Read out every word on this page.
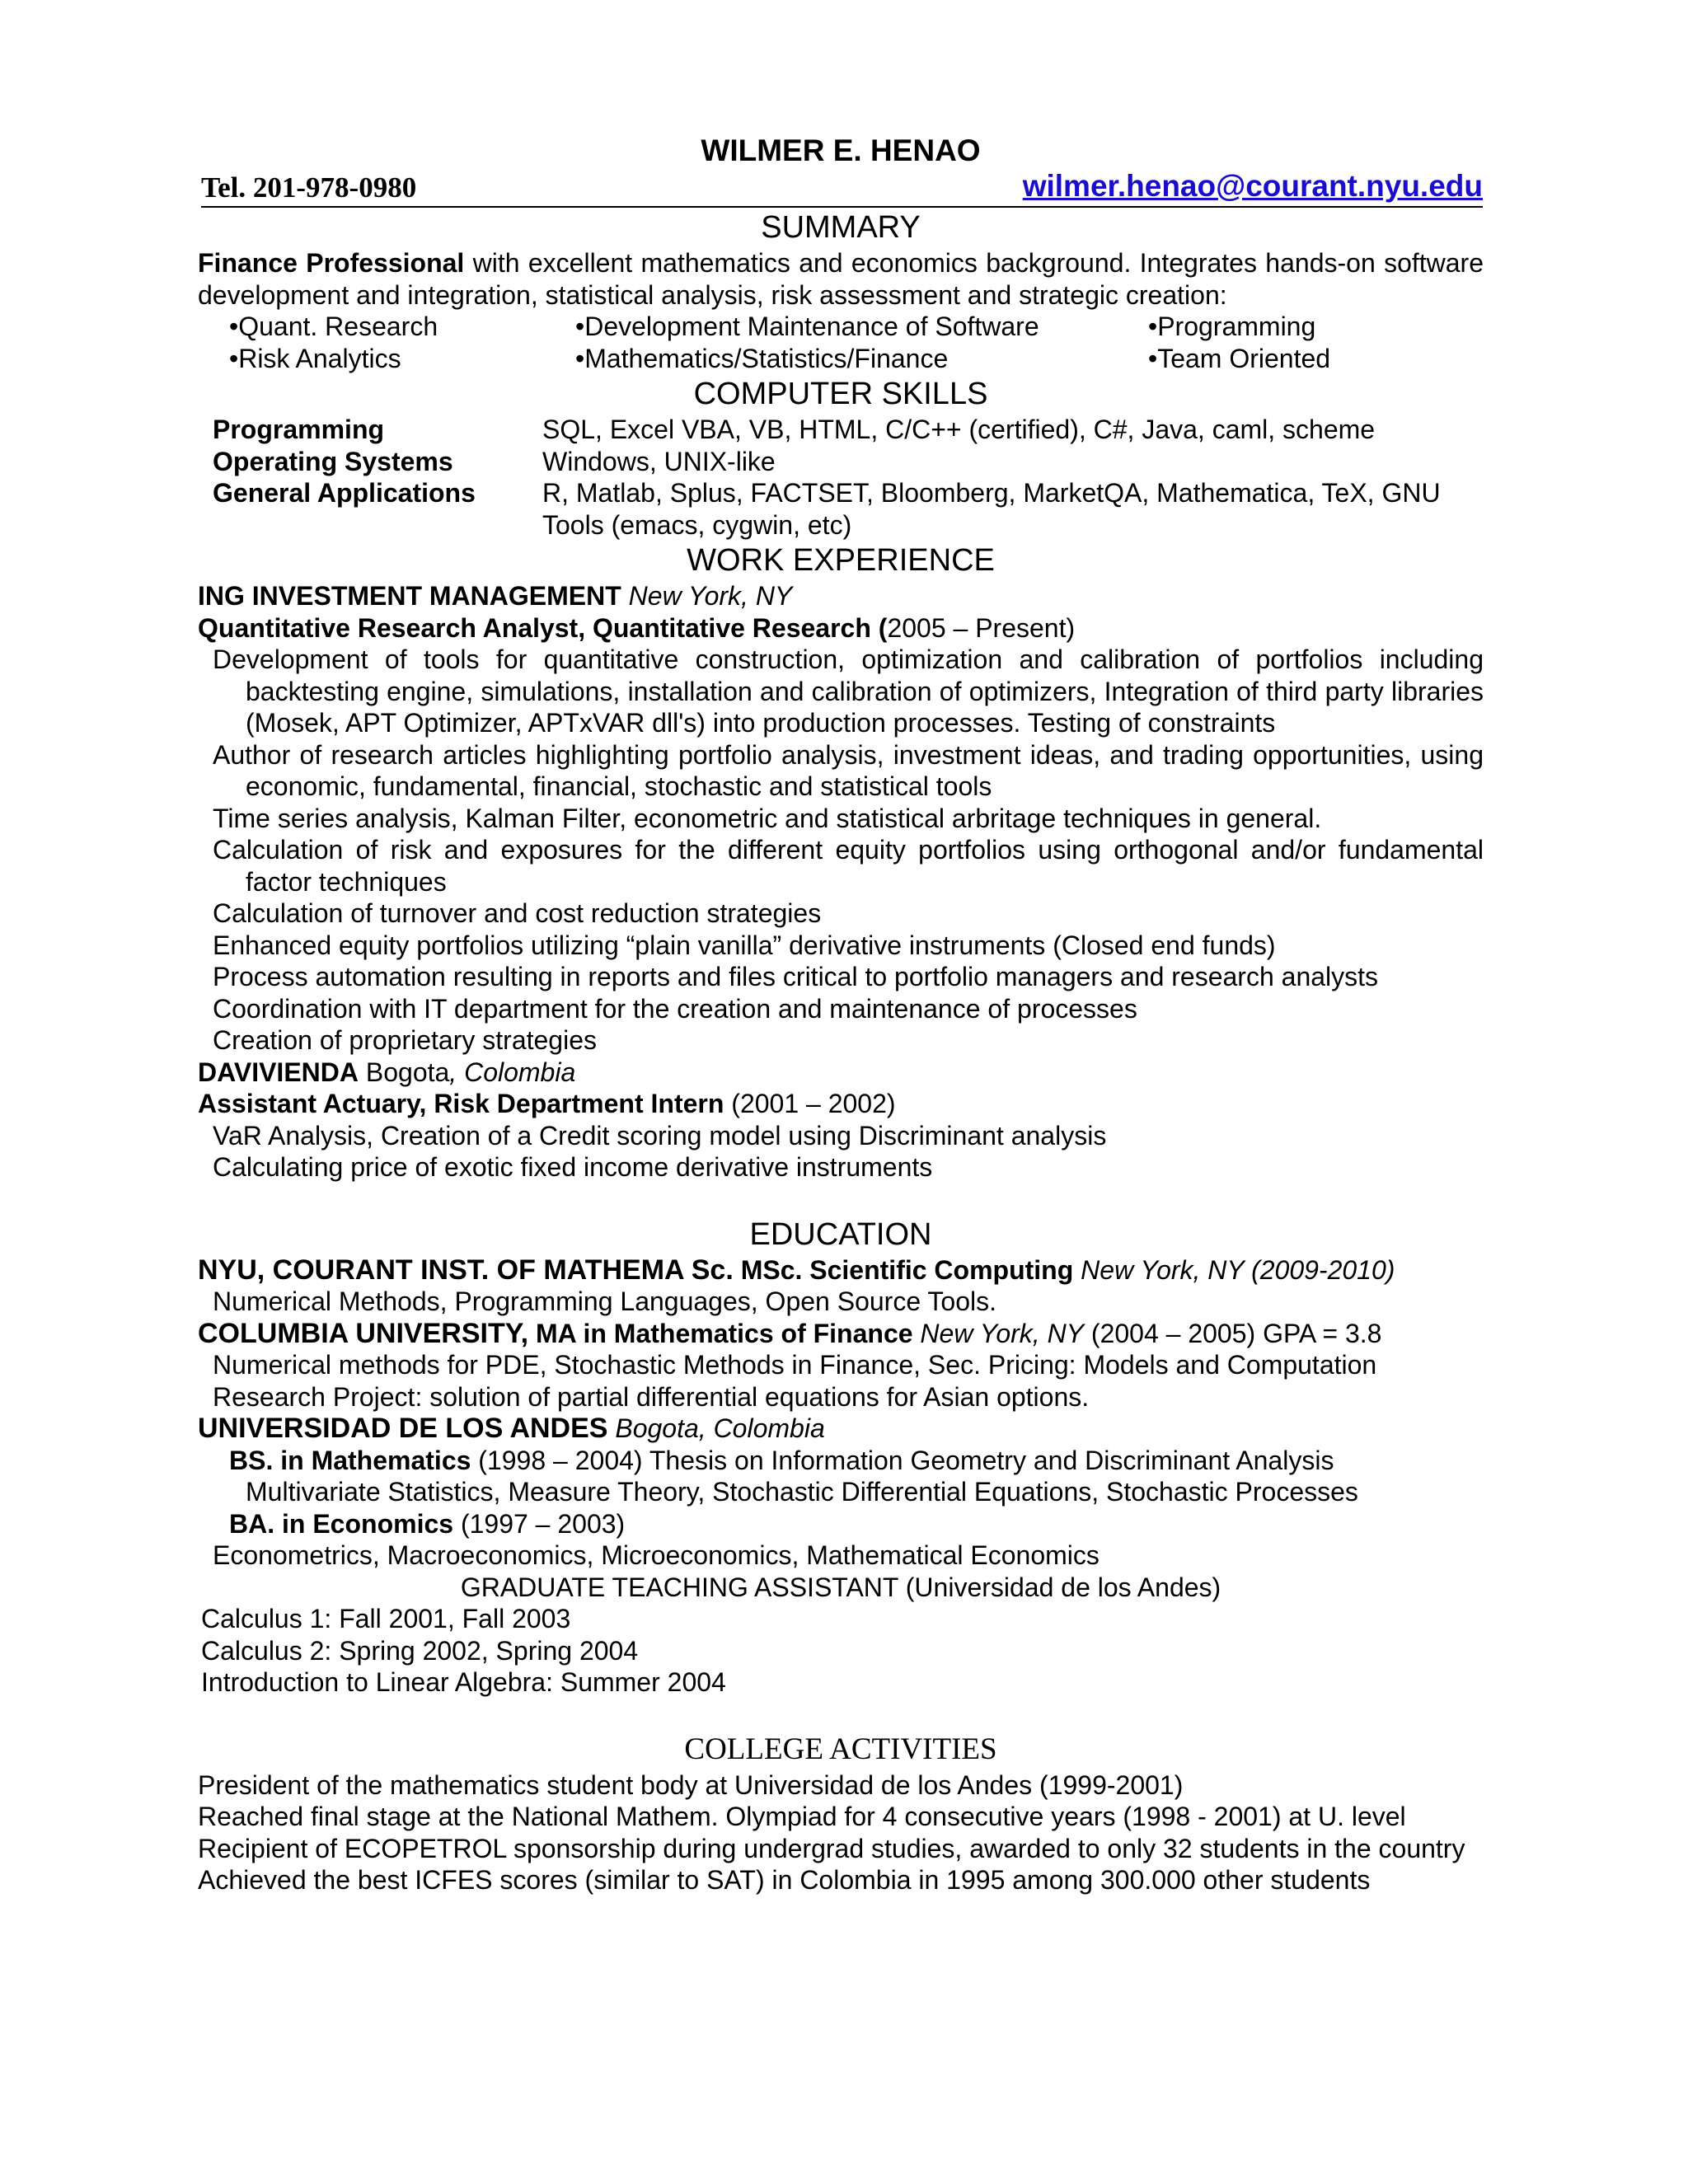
WILMER E. HENAO

Tel. 201-978-0980	wilmer.henao@courant.nyu.edu

SUMMARY

Finance Professional with excellent mathematics and economics background. Integrates hands-on software development and integration, statistical analysis, risk assessment and strategic creation:

•Quant. Research	•Development Maintenance of Software	•Programming
•Risk Analytics	•Mathematics/Statistics/Finance	•Team Oriented

COMPUTER SKILLS

Programming	SQL, Excel VBA, VB, HTML, C/C++ (certified), C#, Java, caml, scheme
Operating Systems	Windows, UNIX-like
General Applications	R, Matlab, Splus, FACTSET, Bloomberg, MarketQA, Mathematica, TeX, GNU Tools (emacs, cygwin, etc)

WORK EXPERIENCE

ING INVESTMENT MANAGEMENT New York, NY

Quantitative Research Analyst, Quantitative Research (2005 – Present)

Development of tools for quantitative construction, optimization and calibration of portfolios including backtesting engine, simulations, installation and calibration of optimizers, Integration of third party libraries (Mosek, APT Optimizer, APTxVAR dll's) into production processes. Testing of constraints

Author of research articles highlighting portfolio analysis, investment ideas, and trading opportunities, using economic, fundamental, financial, stochastic and statistical tools

Time series analysis, Kalman Filter, econometric and statistical arbritage techniques in general.

Calculation of risk and exposures for the different equity portfolios using orthogonal and/or fundamental factor techniques

Calculation of turnover and cost reduction strategies

Enhanced equity portfolios utilizing “plain vanilla” derivative instruments (Closed end funds)

Process automation resulting in reports and files critical to portfolio managers and research analysts

Coordination with IT department for the creation and maintenance of processes

Creation of proprietary strategies

DAVIVIENDA Bogota, Colombia

Assistant Actuary, Risk Department Intern (2001 – 2002)

VaR Analysis, Creation of a Credit scoring model using Discriminant analysis

Calculating price of exotic fixed income derivative instruments

EDUCATION

NYU, COURANT INST. OF MATHEMA Sc. MSc. Scientific Computing New York, NY (2009-2010)

Numerical Methods, Programming Languages, Open Source Tools.

COLUMBIA UNIVERSITY, MA in Mathematics of Finance New York, NY (2004 – 2005) GPA = 3.8

Numerical methods for PDE, Stochastic Methods in Finance, Sec. Pricing: Models and Computation

Research Project: solution of partial differential equations for Asian options.

UNIVERSIDAD DE LOS ANDES Bogota, Colombia

BS. in Mathematics (1998 – 2004) Thesis on Information Geometry and Discriminant Analysis

Multivariate Statistics, Measure Theory, Stochastic Differential Equations, Stochastic Processes

BA. in Economics (1997 – 2003)

Econometrics, Macroeconomics, Microeconomics, Mathematical Economics

GRADUATE TEACHING ASSISTANT (Universidad de los Andes)

Calculus 1: Fall 2001, Fall 2003

Calculus 2: Spring 2002, Spring 2004

Introduction to Linear Algebra: Summer 2004

COLLEGE ACTIVITIES

President of the mathematics student body at Universidad de los Andes (1999-2001)

Reached final stage at the National Mathem. Olympiad for 4 consecutive years (1998 - 2001) at U. level

Recipient of ECOPETROL sponsorship during undergrad studies, awarded to only 32 students in the country

Achieved the best ICFES scores (similar to SAT) in Colombia in 1995 among 300.000 other students
